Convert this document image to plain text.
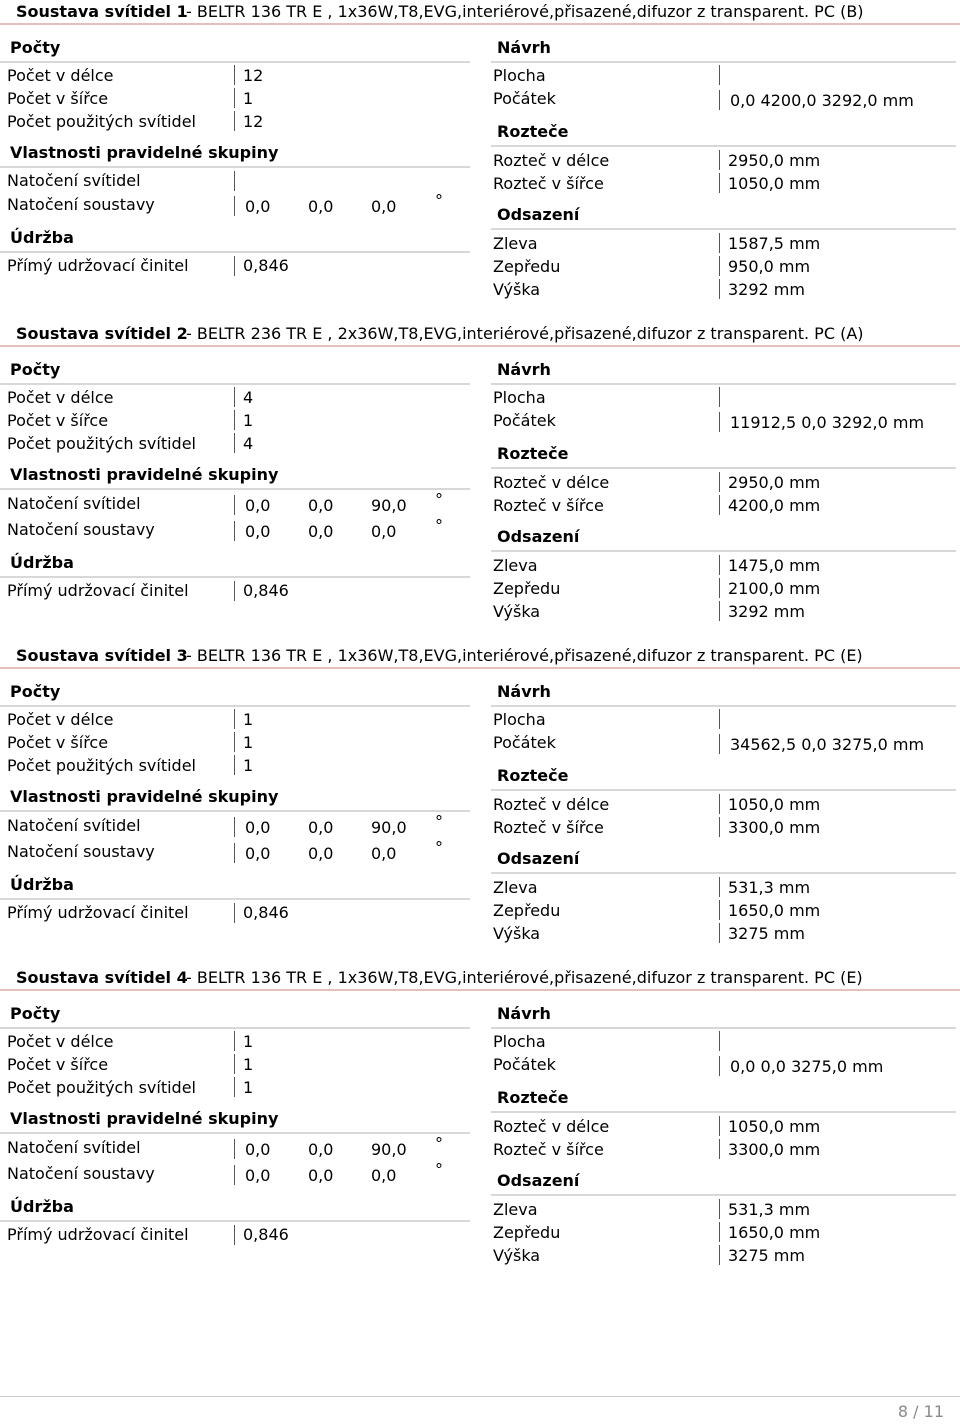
Soustava svítidel 1
- BELTR 136 TR E , 1x36W,T8,EVG,interiérové,přisazené,difuzor z transparent. PC (B)
Počty
Počet v délce	12
Počet v šířce	1
Počet použitých svítidel	12
Vlastnosti pravidelné skupiny
Natočení svítidel
Natočení soustavy	0,0 0,0 0,0 °
Údržba
Přímý udržovací činitel	0,846
Návrh
Plocha
Počátek	0,0 4200,0 3292,0 mm
Rozteče
Rozteč v délce	2950,0 mm
Rozteč v šířce	1050,0 mm
Odsazení
Zleva	1587,5 mm
Zepředu	950,0 mm
Výška	3292 mm
Soustava svítidel 2
- BELTR 236 TR E , 2x36W,T8,EVG,interiérové,přisazené,difuzor z transparent. PC (A)
Počty
Počet v délce	4
Počet v šířce	1
Počet použitých svítidel	4
Vlastnosti pravidelné skupiny
Natočení svítidel	0,0 0,0 90,0 °
Natočení soustavy	0,0 0,0 0,0 °
Údržba
Přímý udržovací činitel	0,846
Návrh
Plocha
Počátek	11912,5 0,0 3292,0 mm
Rozteče
Rozteč v délce	2950,0 mm
Rozteč v šířce	4200,0 mm
Odsazení
Zleva	1475,0 mm
Zepředu	2100,0 mm
Výška	3292 mm
Soustava svítidel 3
- BELTR 136 TR E , 1x36W,T8,EVG,interiérové,přisazené,difuzor z transparent. PC (E)
Počty
Počet v délce	1
Počet v šířce	1
Počet použitých svítidel	1
Vlastnosti pravidelné skupiny
Natočení svítidel	0,0 0,0 90,0 °
Natočení soustavy	0,0 0,0 0,0 °
Údržba
Přímý udržovací činitel	0,846
Návrh
Plocha
Počátek	34562,5 0,0 3275,0 mm
Rozteče
Rozteč v délce	1050,0 mm
Rozteč v šířce	3300,0 mm
Odsazení
Zleva	531,3 mm
Zepředu	1650,0 mm
Výška	3275 mm
Soustava svítidel 4
- BELTR 136 TR E , 1x36W,T8,EVG,interiérové,přisazené,difuzor z transparent. PC (E)
Počty
Počet v délce	1
Počet v šířce	1
Počet použitých svítidel	1
Vlastnosti pravidelné skupiny
Natočení svítidel	0,0 0,0 90,0 °
Natočení soustavy	0,0 0,0 0,0 °
Údržba
Přímý udržovací činitel	0,846
Návrh
Plocha
Počátek	0,0 0,0 3275,0 mm
Rozteče
Rozteč v délce	1050,0 mm
Rozteč v šířce	3300,0 mm
Odsazení
Zleva	531,3 mm
Zepředu	1650,0 mm
Výška	3275 mm
8 / 11
